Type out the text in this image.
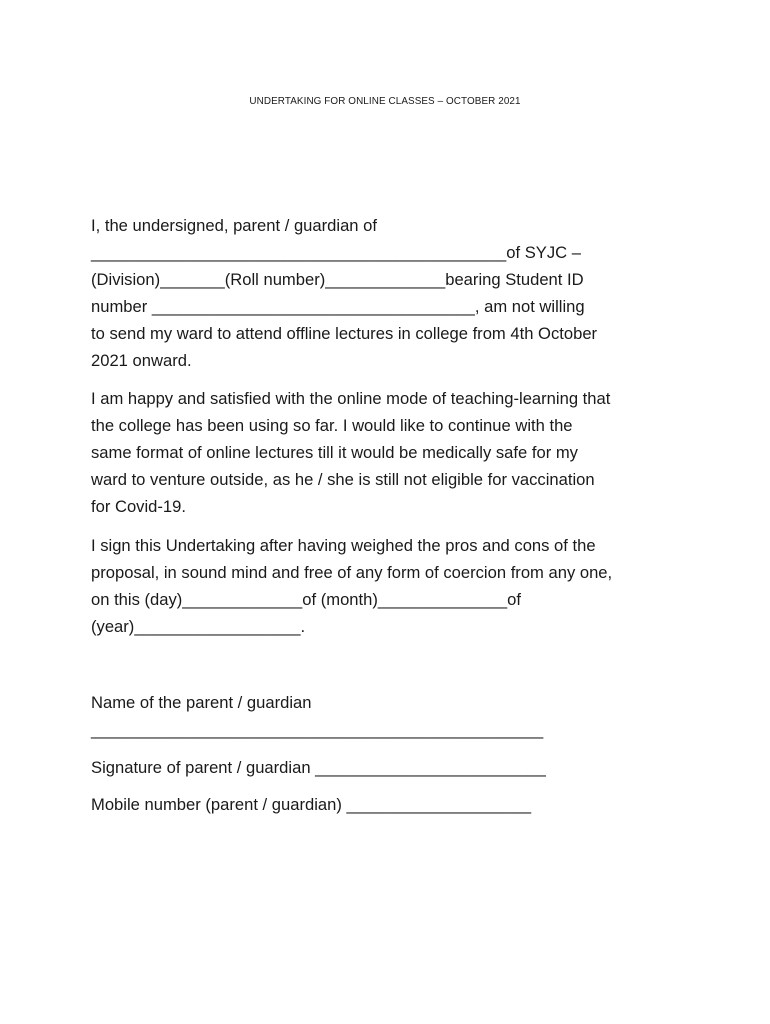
UNDERTAKING FOR ONLINE CLASSES – OCTOBER 2021
I, the undersigned, parent / guardian of
_____________________________________________of SYJC –
(Division)_______(Roll number)_____________bearing Student ID
number ___________________________________, am not willing
to send my ward to attend offline lectures in college from 4th October
2021 onward.
I am happy and satisfied with the online mode of teaching-learning that
the college has been using so far. I would like to continue with the
same format of online lectures till it would be medically safe for my
ward to venture outside, as he / she is still not eligible for vaccination
for Covid-19.
I sign this Undertaking after having weighed the pros and cons of the
proposal, in sound mind and free of any form of coercion from any one,
on this (day)_____________of (month)______________of
(year)__________________.
Name of the parent / guardian
_________________________________________________
Signature of parent / guardian _________________________
Mobile number (parent / guardian) ____________________
